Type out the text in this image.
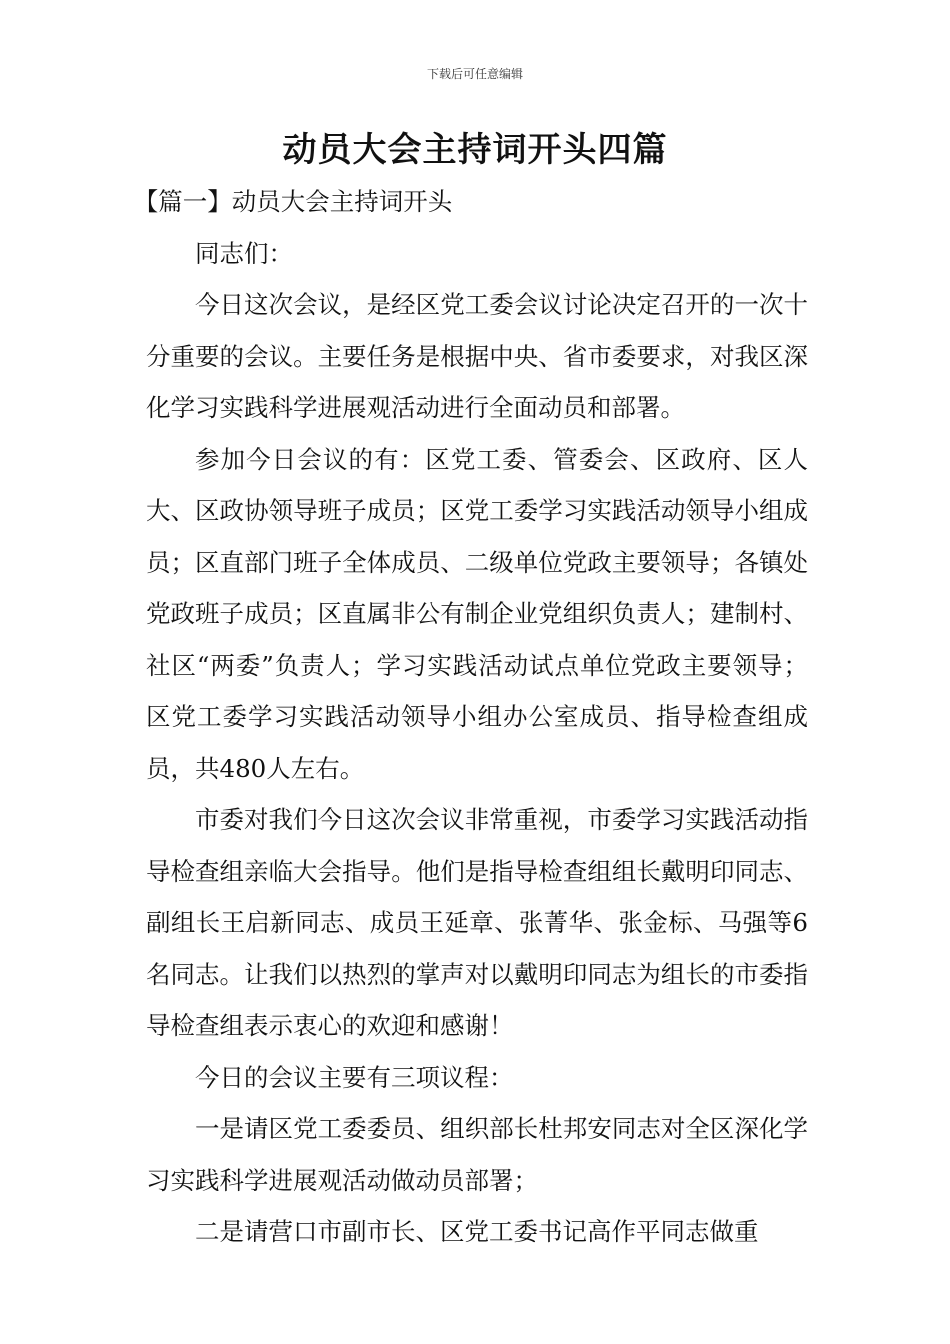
下载后可任意编辑
动员大会主持词开头四篇

【篇一】动员大会主持词开头

同志们：

今日这次会议，是经区党工委会议讨论决定召开的一次十分重要的会议。主要任务是根据中央、省市委要求，对我区深化学习实践科学进展观活动进行全面动员和部署。

参加今日会议的有：区党工委、管委会、区政府、区人大、区政协领导班子成员；区党工委学习实践活动领导小组成员；区直部门班子全体成员、二级单位党政主要领导；各镇处党政班子成员；区直属非公有制企业党组织负责人；建制村、社区“两委”负责人；学习实践活动试点单位党政主要领导；区党工委学习实践活动领导小组办公室成员、指导检查组成员，共480人左右。

市委对我们今日这次会议非常重视，市委学习实践活动指导检查组亲临大会指导。他们是指导检查组组长戴明印同志、副组长王启新同志、成员王延章、张菁华、张金标、马强等6名同志。让我们以热烈的掌声对以戴明印同志为组长的市委指导检查组表示衷心的欢迎和感谢！

今日的会议主要有三项议程：

一是请区党工委委员、组织部长杜邦安同志对全区深化学习实践科学进展观活动做动员部署；

二是请营口市副市长、区党工委书记高作平同志做重
